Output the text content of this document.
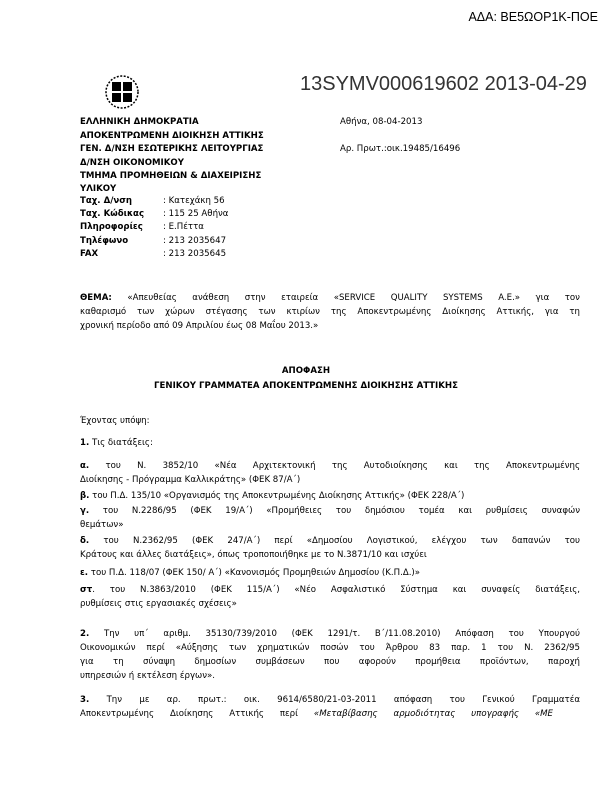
ΑΔΑ: ΒΕ5ΩΟΡ1Κ-ΠΟΕ
13SYMV000619602 2013-04-29
ΕΛΛΗΝΙΚΗ ΔΗΜΟΚΡΑΤΙΑ
ΑΠΟΚΕΝΤΡΩΜΕΝΗ ΔΙΟΙΚΗΣΗ ΑΤΤΙΚΗΣ
ΓΕΝ. Δ/ΝΣΗ ΕΣΩΤΕΡΙΚΗΣ ΛΕΙΤΟΥΡΓΙΑΣ
Δ/ΝΣΗ ΟΙΚΟΝΟΜΙΚΟΥ
ΤΜΗΜΑ ΠΡΟΜΗΘΕΙΩΝ & ΔΙΑΧΕΙΡΙΣΗΣ
ΥΛΙΚΟΥ
Αθήνα, 08-04-2013
Αρ. Πρωτ.:οικ.19485/16496
Ταχ. Δ/νση	: Κατεχάκη 56
Ταχ. Κώδικας : 115 25 Αθήνα
Πληροφορίες : Ε.Πέττα
Τηλέφωνο	: 213 2035647
FAX	: 213 2035645
ΘΕΜΑ: «Απευθείας ανάθεση στην εταιρεία «SERVICE QUALITY SYSTEMS A.E.» για τον
καθαρισμό των χώρων στέγασης των κτιρίων της Αποκεντρωμένης Διοίκησης Αττικής, για τη
χρονική περίοδο από 09 Απριλίου έως 08 Μαΐου 2013.»
ΑΠΟΦΑΣΗ
ΓΕΝΙΚΟΥ ΓΡΑΜΜΑΤΕΑ ΑΠΟΚΕΝΤΡΩΜΕΝΗΣ ΔΙΟΙΚΗΣΗΣ ΑΤΤΙΚΗΣ
Έχοντας υπόψη:
1. Τις διατάξεις:
α. του Ν. 3852/10 «Νέα Αρχιτεκτονική της Αυτοδιοίκησης και της Αποκεντρωμένης
Διοίκησης - Πρόγραμμα Καλλικράτης» (ΦΕΚ 87/Α΄)
β. του Π.Δ. 135/10 «Οργανισμός της Αποκεντρωμένης Διοίκησης Αττικής» (ΦΕΚ 228/Α΄)
γ. του Ν.2286/95 (ΦΕΚ 19/Α΄) «Προμήθειες του δημόσιου τομέα και ρυθμίσεις συναφών
θεμάτων»
δ. του Ν.2362/95 (ΦΕΚ 247/Α΄) περί «Δημοσίου Λογιστικού, ελέγχου των δαπανών του
Κράτους και άλλες διατάξεις», όπως τροποποιήθηκε με το Ν.3871/10 και ισχύει
ε. του Π.Δ. 118/07 (ΦΕΚ 150/ Α΄) «Κανονισμός Προμηθειών Δημοσίου (Κ.Π.Δ.)»
στ. του Ν.3863/2010 (ΦΕΚ 115/Α΄) «Νέο Ασφαλιστικό Σύστημα και συναφείς διατάξεις,
ρυθμίσεις στις εργασιακές σχέσεις»
2. Την υπ΄ αριθμ. 35130/739/2010 (ΦΕΚ 1291/τ. Β΄/11.08.2010) Απόφαση του Υπουργού
Οικονομικών περί «Αύξησης των χρηματικών ποσών του Άρθρου 83 παρ. 1 του Ν. 2362/95
για τη σύναψη δημοσίων συμβάσεων που αφορούν προμήθεια προϊόντων, παροχή
υπηρεσιών ή εκτέλεση έργων».
3. Την με αρ. πρωτ.: οικ. 9614/6580/21-03-2011 απόφαση του Γενικού Γραμματέα
Αποκεντρωμένης Διοίκησης Αττικής περί «Μεταβίβασης αρμοδιότητας υπογραφής «ΜΕ
